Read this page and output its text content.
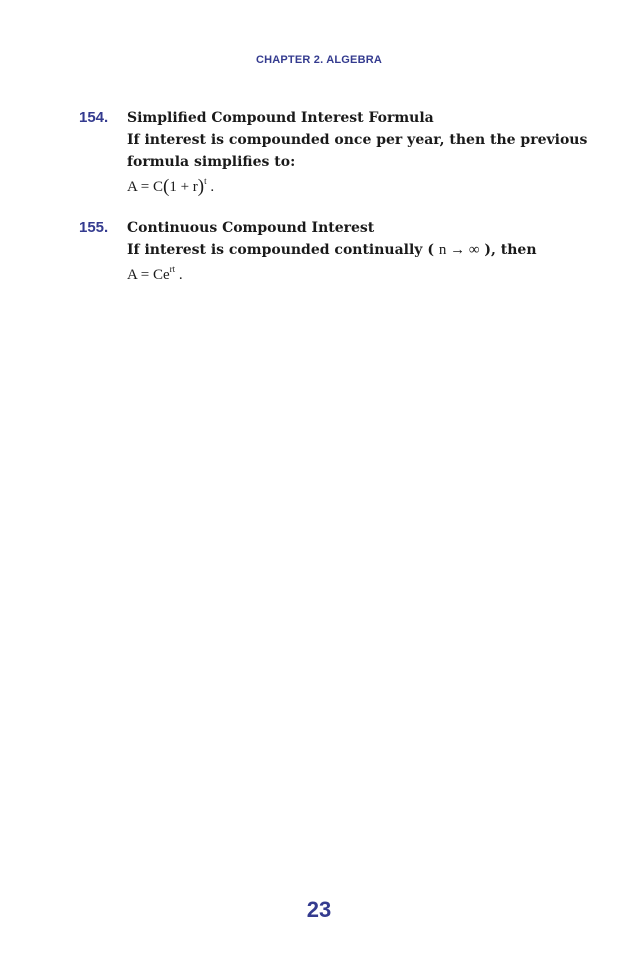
CHAPTER 2. ALGEBRA
154. Simplified Compound Interest Formula
If interest is compounded once per year, then the previous
formula simplifies to:
$A = C(1 + r)^t$ .
155. Continuous Compound Interest
If interest is compounded continually ( n → ∞ ), then
$A = Ce^{rt}$ .
23
